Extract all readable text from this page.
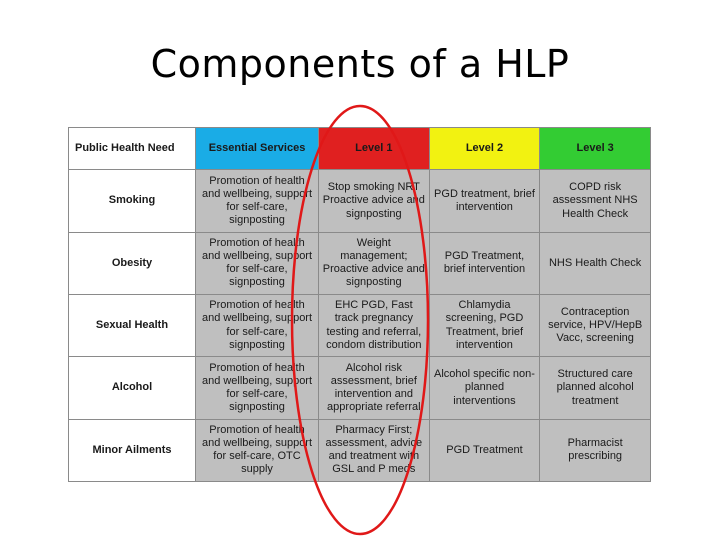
Components of a HLP
Public Health Need	Essential Services	Level 1	Level 2	Level 3
Smoking	Promotion of health and wellbeing, support for self-care, signposting	Stop smoking NRT Proactive advice and signposting	PGD treatment, brief intervention	COPD risk assessment NHS Health Check
Obesity	Promotion of health and wellbeing, support for self-care, signposting	Weight management; Proactive advice and signposting	PGD Treatment, brief intervention	NHS Health Check
Sexual Health	Promotion of health and wellbeing, support for self-care, signposting	EHC PGD, Fast track pregnancy testing and referral, condom distribution	Chlamydia screening, PGD Treatment, brief intervention	Contraception service, HPV/HepB Vacc, screening
Alcohol	Promotion of health and wellbeing, support for self-care, signposting	Alcohol risk assessment, brief intervention and appropriate referral	Alcohol specific non-planned interventions	Structured care planned alcohol treatment
Minor Ailments	Promotion of health and wellbeing, support for self-care, OTC supply	Pharmacy First; assessment, advice and treatment with GSL and P meds	PGD Treatment	Pharmacist prescribing
